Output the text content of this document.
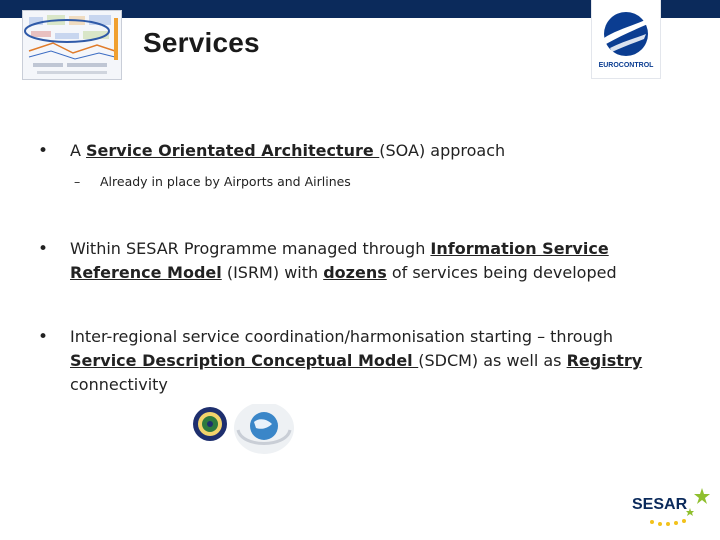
Services
EUROCONTROL
• A Service Orientated Architecture (SOA) approach
– Already in place by Airports and Airlines
• Within SESAR Programme managed through Information Service Reference Model (ISRM) with dozens of services being developed
• Inter-regional service coordination/harmonisation starting – through Service Description Conceptual Model (SDCM) as well as Registry connectivity
SESAR
